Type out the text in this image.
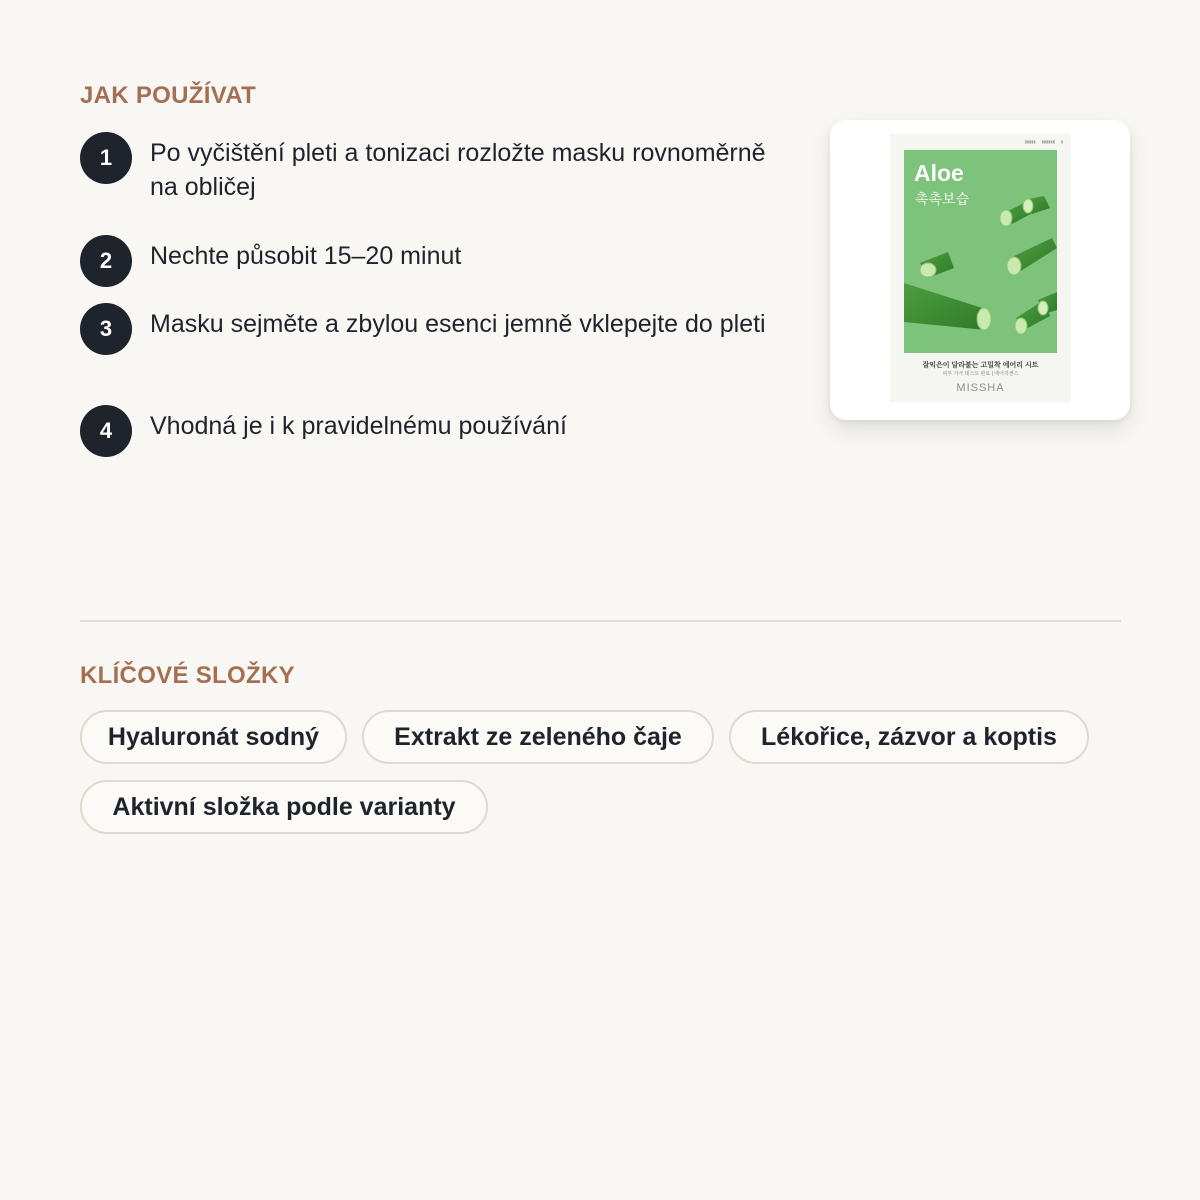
JAK POUŽÍVAT
1	Po vyčištění pleti a tonizaci rozložte masku rovnoměrně na obličej
2	Nechte působit 15–20 minut
3	Masku sejměte a zbylou esenci jemně vklepejte do pleti
4	Vhodná je i k pravidelnému používání
▮▮▮▮▮ ▮▮▮▮▮▮ ▮
Aloe
촉촉보습
잘익은이 달라붙는 고밀착 에어리 시트
피부 자극 테스트 완료 | 에어리센스
MISSHA
KLÍČOVÉ SLOŽKY
Hyaluronát sodný	Extrakt ze zeleného čaje	Lékořice, zázvor a koptis
Aktivní složka podle varianty
